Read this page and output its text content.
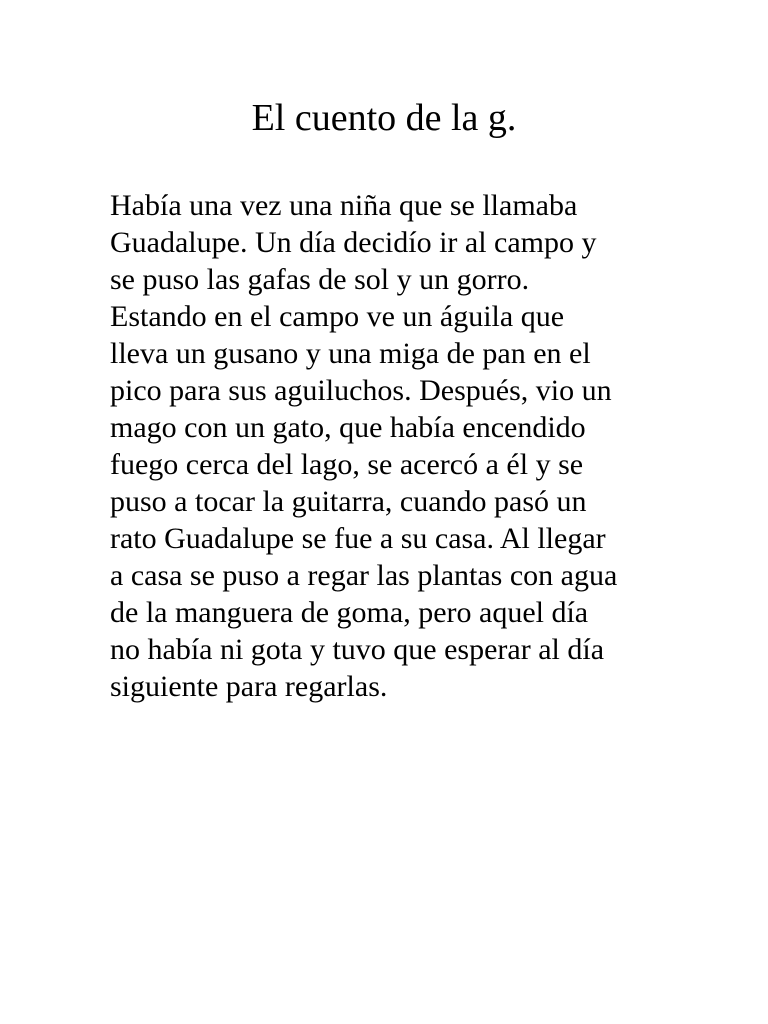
El cuento de la g.
Había una vez una niña que se llamaba
Guadalupe. Un día decidío ir al campo y
se puso las gafas de sol y un gorro.
Estando en el campo ve un águila que
lleva un gusano y una miga de pan en el
pico para sus aguiluchos. Después, vio un
mago con un gato, que había encendido
fuego cerca del lago, se acercó a él y se
puso a tocar la guitarra, cuando pasó un
rato Guadalupe se fue a su casa. Al llegar
a casa se puso a regar las plantas con agua
de la manguera de goma, pero aquel día
no había ni gota y tuvo que esperar al día
siguiente para regarlas.
